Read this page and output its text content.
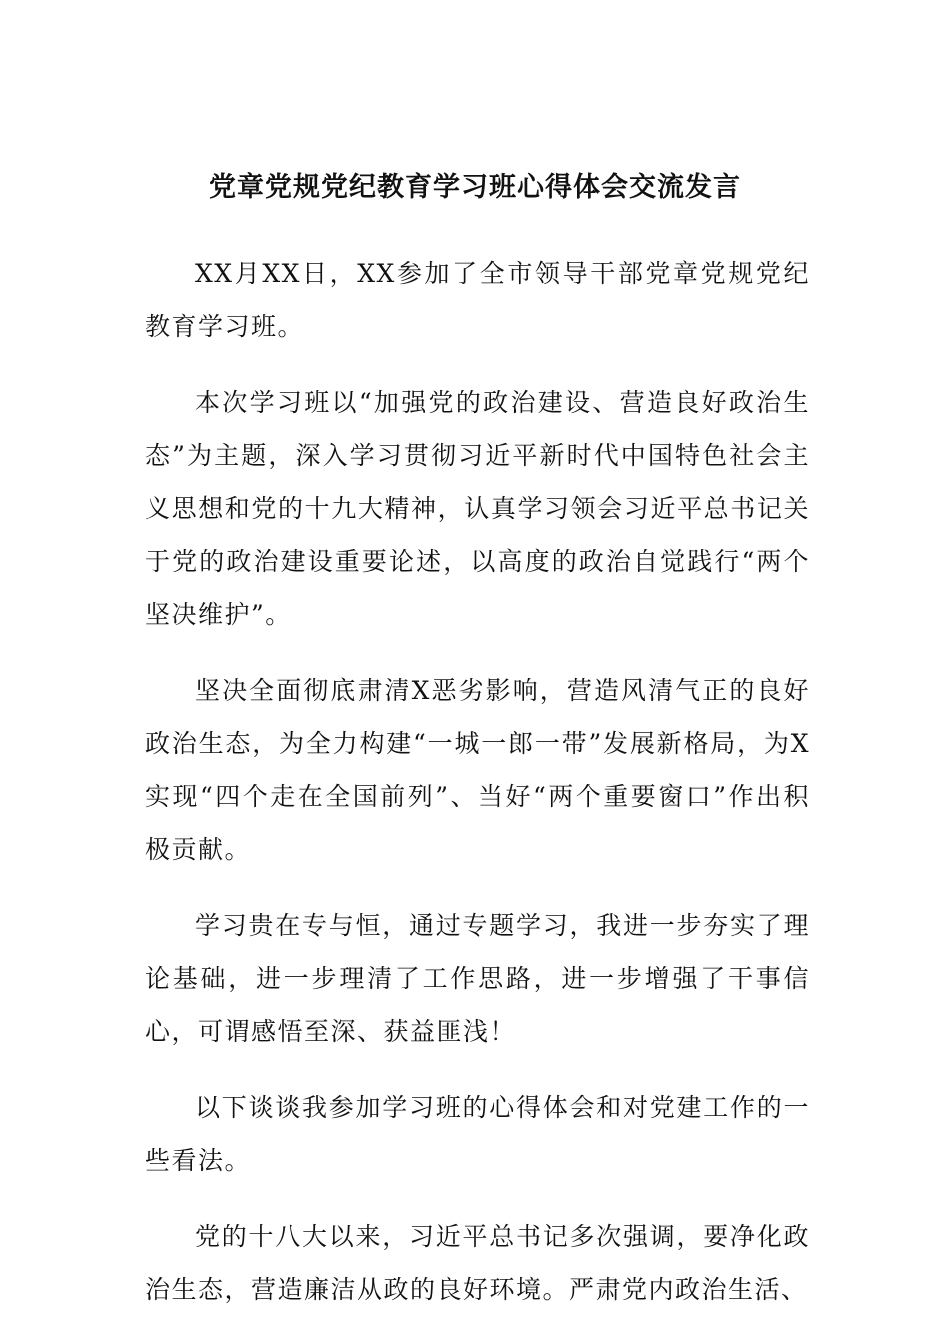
党章党规党纪教育学习班心得体会交流发言

XX月XX日，XX参加了全市领导干部党章党规党纪教育学习班。

本次学习班以“加强党的政治建设、营造良好政治生态”为主题，深入学习贯彻习近平新时代中国特色社会主义思想和党的十九大精神，认真学习领会习近平总书记关于党的政治建设重要论述，以高度的政治自觉践行“两个坚决维护”。

坚决全面彻底肃清X恶劣影响，营造风清气正的良好政治生态，为全力构建“一城一郎一带”发展新格局，为X实现“四个走在全国前列”、当好“两个重要窗口”作出积极贡献。

学习贵在专与恒，通过专题学习，我进一步夯实了理论基础，进一步理清了工作思路，进一步增强了干事信心，可谓感悟至深、获益匪浅！

以下谈谈我参加学习班的心得体会和对党建工作的一些看法。

党的十八大以来，习近平总书记多次强调，要净化政治生态，营造廉洁从政的良好环境。严肃党内政治生活、
